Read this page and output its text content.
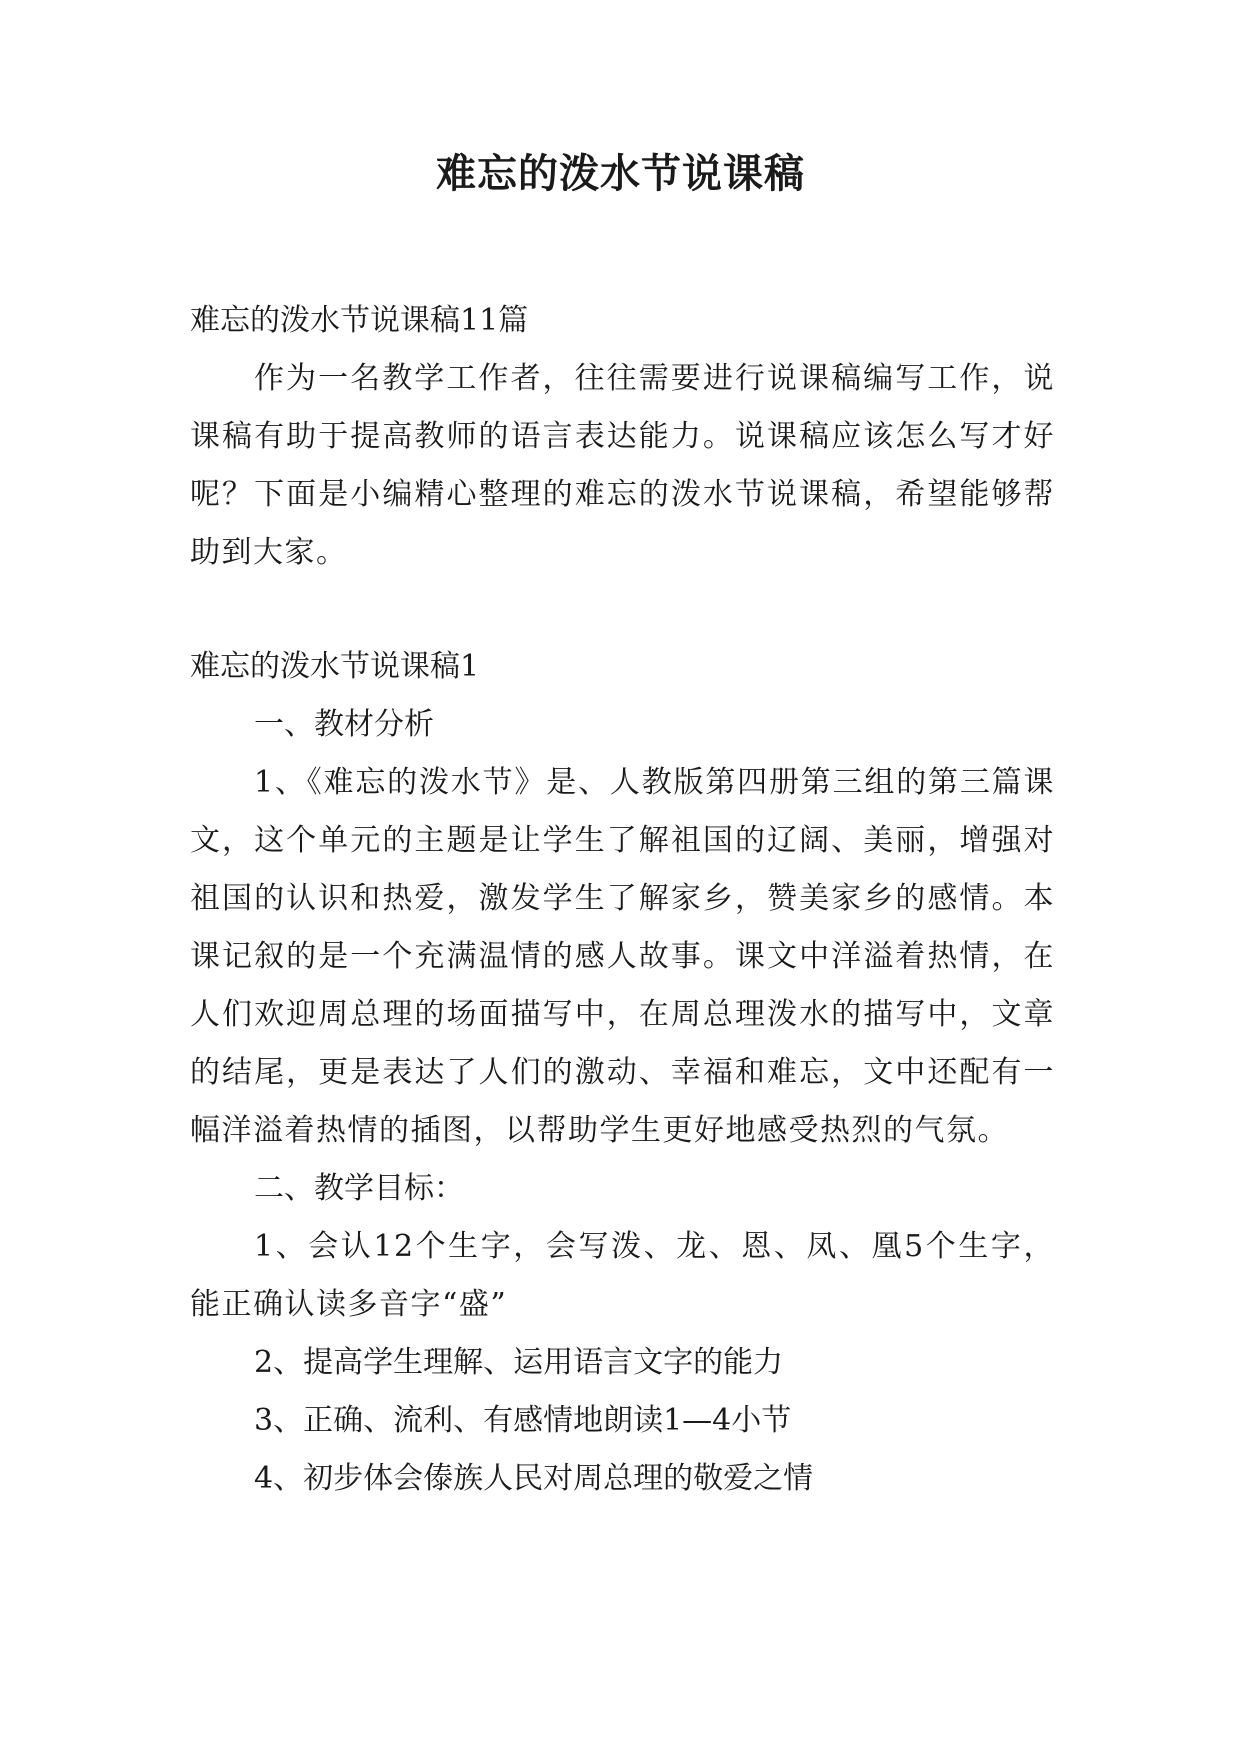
难忘的泼水节说课稿

难忘的泼水节说课稿11篇

作为一名教学工作者，往往需要进行说课稿编写工作，说课稿有助于提高教师的语言表达能力。说课稿应该怎么写才好呢？下面是小编精心整理的难忘的泼水节说课稿，希望能够帮助到大家。

难忘的泼水节说课稿1

一、教材分析

1、《难忘的泼水节》是、人教版第四册第三组的第三篇课文，这个单元的主题是让学生了解祖国的辽阔、美丽，增强对祖国的认识和热爱，激发学生了解家乡，赞美家乡的感情。本课记叙的是一个充满温情的感人故事。课文中洋溢着热情，在人们欢迎周总理的场面描写中，在周总理泼水的描写中，文章的结尾，更是表达了人们的激动、幸福和难忘，文中还配有一幅洋溢着热情的插图，以帮助学生更好地感受热烈的气氛。

二、教学目标：

1、会认12个生字，会写泼、龙、恩、凤、凰5个生字，能正确认读多音字“盛”

2、提高学生理解、运用语言文字的能力

3、正确、流利、有感情地朗读1—4小节

4、初步体会傣族人民对周总理的敬爱之情
